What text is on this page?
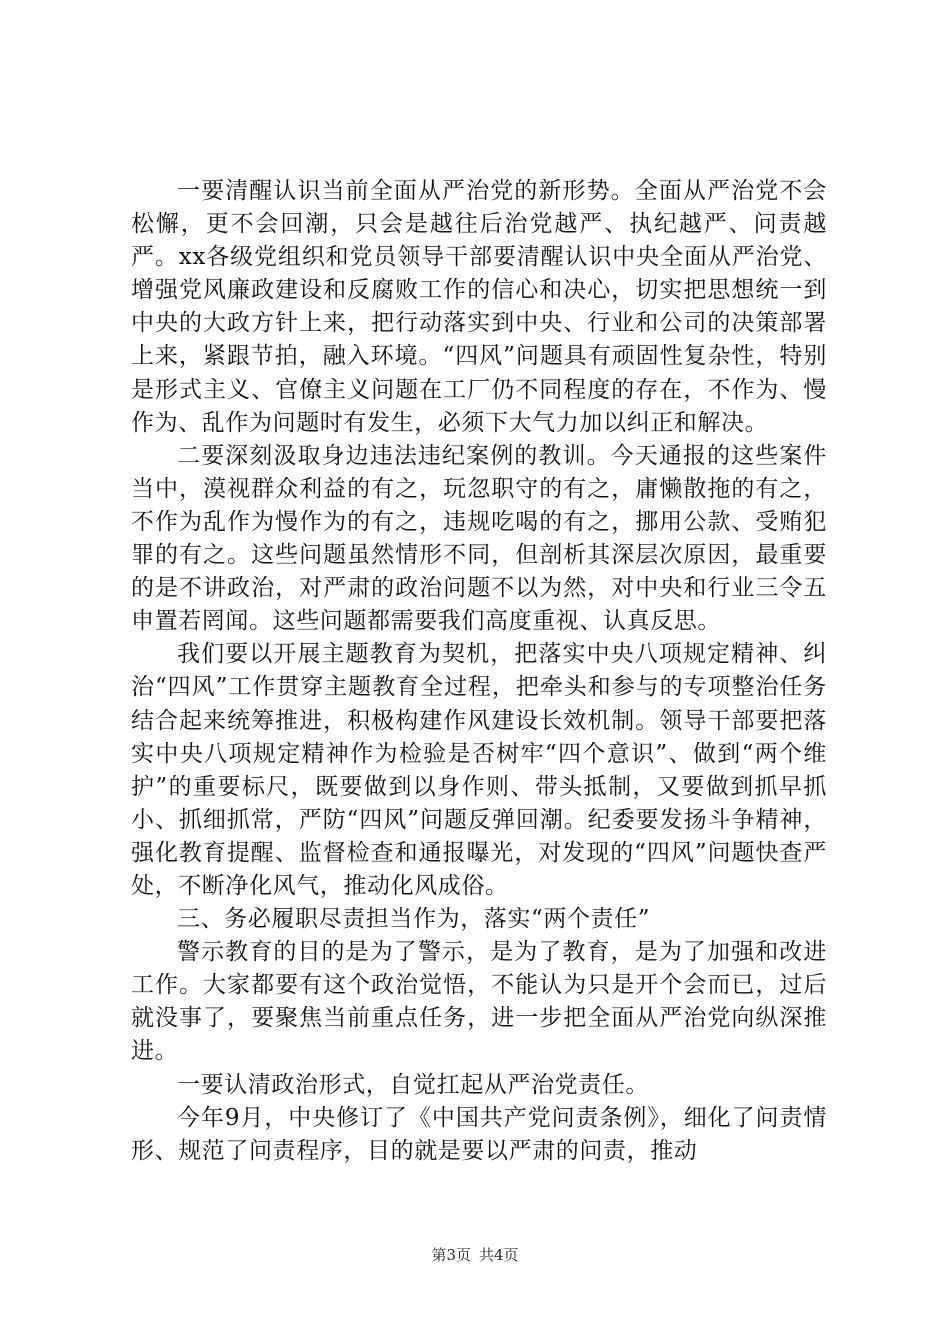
一要清醒认识当前全面从严治党的新形势。全面从严治党不会松懈，更不会回潮，只会是越往后治党越严、执纪越严、问责越严。xx各级党组织和党员领导干部要清醒认识中央全面从严治党、增强党风廉政建设和反腐败工作的信心和决心，切实把思想统一到中央的大政方针上来，把行动落实到中央、行业和公司的决策部署上来，紧跟节拍，融入环境。“四风”问题具有顽固性复杂性，特别是形式主义、官僚主义问题在工厂仍不同程度的存在，不作为、慢作为、乱作为问题时有发生，必须下大气力加以纠正和解决。

二要深刻汲取身边违法违纪案例的教训。今天通报的这些案件当中，漠视群众利益的有之，玩忽职守的有之，庸懒散拖的有之，不作为乱作为慢作为的有之，违规吃喝的有之，挪用公款、受贿犯罪的有之。这些问题虽然情形不同，但剖析其深层次原因，最重要的是不讲政治，对严肃的政治问题不以为然，对中央和行业三令五申置若罔闻。这些问题都需要我们高度重视、认真反思。

我们要以开展主题教育为契机，把落实中央八项规定精神、纠治“四风”工作贯穿主题教育全过程，把牵头和参与的专项整治任务结合起来统筹推进，积极构建作风建设长效机制。领导干部要把落实中央八项规定精神作为检验是否树牢“四个意识”、做到“两个维护”的重要标尺，既要做到以身作则、带头抵制，又要做到抓早抓小、抓细抓常，严防“四风”问题反弹回潮。纪委要发扬斗争精神，强化教育提醒、监督检查和通报曝光，对发现的“四风”问题快查严处，不断净化风气，推动化风成俗。

三、务必履职尽责担当作为，落实“两个责任”

警示教育的目的是为了警示，是为了教育，是为了加强和改进工作。大家都要有这个政治觉悟，不能认为只是开个会而已，过后就没事了，要聚焦当前重点任务，进一步把全面从严治党向纵深推进。

一要认清政治形式，自觉扛起从严治党责任。

今年9月，中央修订了《中国共产党问责条例》，细化了问责情形、规范了问责程序，目的就是要以严肃的问责，推动

第3页 共4页
